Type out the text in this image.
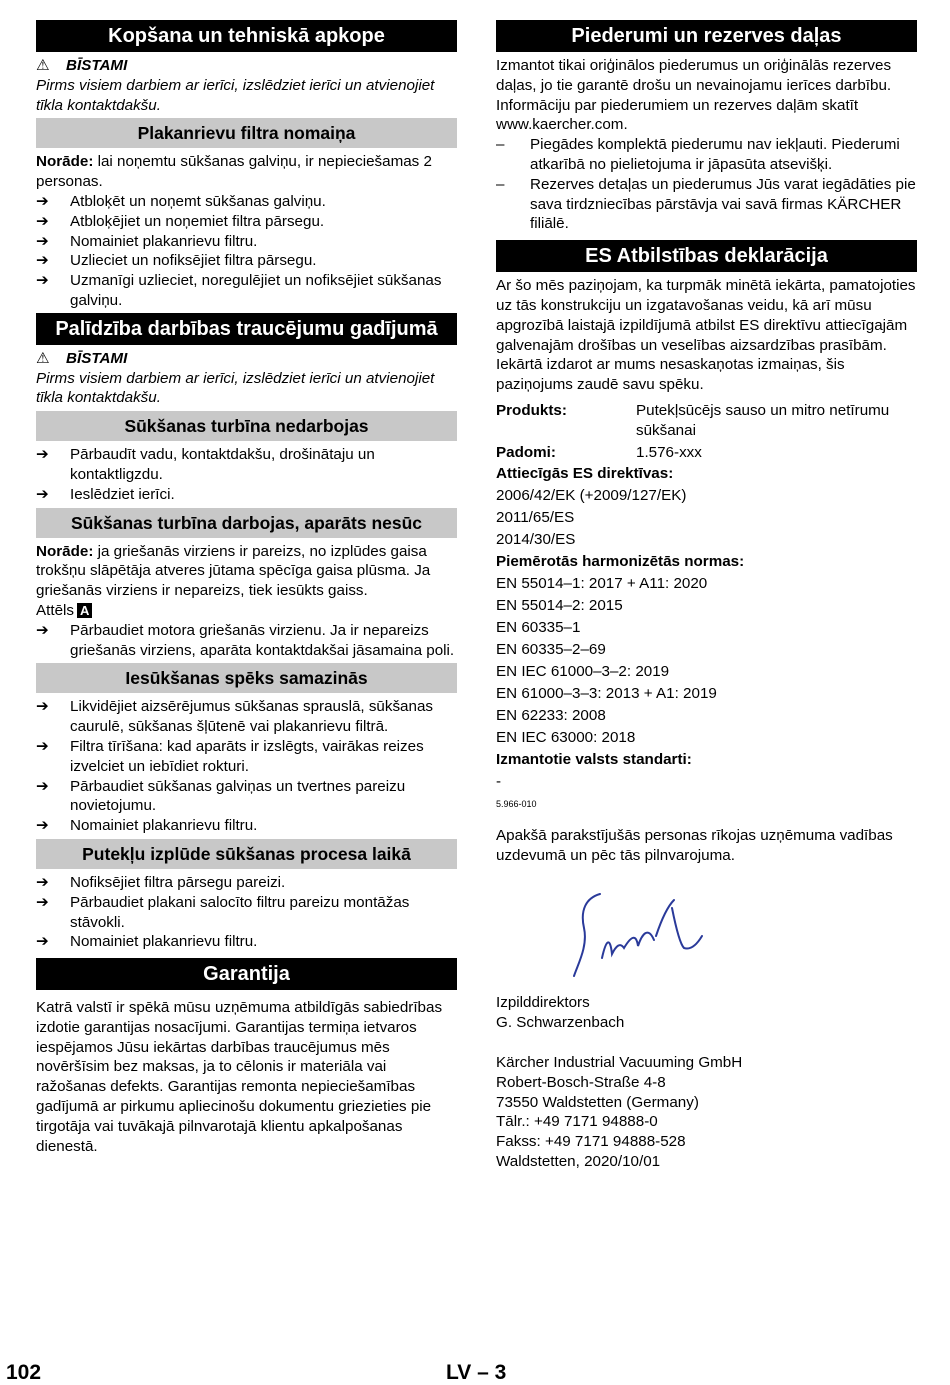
Kopšana un tehniskā apkope
⚠ BĪSTAMI
Pirms visiem darbiem ar ierīci, izslēdziet ierīci un atvienojiet tīkla kontaktdakšu.
Plakanrievu filtra nomaiņa
Norāde: lai noņemtu sūkšanas galviņu, ir nepieciešamas 2 personas.
➔ Atbloķēt un noņemt sūkšanas galviņu.
➔ Atbloķējiet un noņemiet filtra pārsegu.
➔ Nomainiet plakanrievu filtru.
➔ Uzlieciet un nofiksējiet filtra pārsegu.
➔ Uzmanīgi uzlieciet, noregulējiet un nofiksējiet sūkšanas galviņu.
Palīdzība darbības traucējumu gadījumā
⚠ BĪSTAMI
Pirms visiem darbiem ar ierīci, izslēdziet ierīci un atvienojiet tīkla kontaktdakšu.
Sūkšanas turbīna nedarbojas
➔ Pārbaudīt vadu, kontaktdakšu, drošinātaju un kontaktligzdu.
➔ Ieslēdziet ierīci.
Sūkšanas turbīna darbojas, aparāts nesūc
Norāde: ja griešanās virziens ir pareizs, no izplūdes gaisa trokšņu slāpētāja atveres jūtama spēcīga gaisa plūsma. Ja griešanās virziens ir nepareizs, tiek iesūkts gaiss.
Attēls A
➔ Pārbaudiet motora griešanās virzienu. Ja ir nepareizs griešanās virziens, aparāta kontaktdakšai jāsamaina poli.
Iesūkšanas spēks samazinās
➔ Likvidējiet aizsērējumus sūkšanas sprauslā, sūkšanas caurulē, sūkšanas šļūtenē vai plakanrievu filtrā.
➔ Filtra tīrīšana: kad aparāts ir izslēgts, vairākas reizes izvelciet un iebīdiet rokturi.
➔ Pārbaudiet sūkšanas galviņas un tvertnes pareizu novietojumu.
➔ Nomainiet plakanrievu filtru.
Putekļu izplūde sūkšanas procesa laikā
➔ Nofiksējiet filtra pārsegu pareizi.
➔ Pārbaudiet plakani salocīto filtru pareizu montāžas stāvokli.
➔ Nomainiet plakanrievu filtru.
Garantija
Katrā valstī ir spēkā mūsu uzņēmuma atbildīgās sabiedrības izdotie garantijas nosacījumi. Garantijas termiņa ietvaros iespējamos Jūsu iekārtas darbības traucējumus mēs novēršīsim bez maksas, ja to cēlonis ir materiāla vai ražošanas defekts. Garantijas remonta nepieciešamības gadījumā ar pirkumu apliecinošu dokumentu griezieties pie tirgotāja vai tuvākajā pilnvarotajā klientu apkalpošanas dienestā.
Piederumi un rezerves daļas
Izmantot tikai oriģinālos piederumus un oriģinālās rezerves daļas, jo tie garantē drošu un nevainojamu ierīces darbību.
Informāciju par piederumiem un rezerves daļām skatīt www.kaercher.com.
– Piegādes komplektā piederumu nav iekļauti. Piederumi atkarībā no pielietojuma ir jāpasūta atsevišķi.
– Rezerves detaļas un piederumus Jūs varat iegādāties pie sava tirdzniecības pārstāvja vai savā firmas KÄRCHER filiālē.
ES Atbilstības deklarācija
Ar šo mēs paziņojam, ka turpmāk minētā iekārta, pamatojoties uz tās konstrukciju un izgatavošanas veidu, kā arī mūsu apgrozībā laistajā izpildījumā atbilst ES direktīvu attiecīgajām galvenajām drošības un veselības aizsardzības prasībām. Iekārtā izdarot ar mums nesaskaņotas izmaiņas, šis paziņojums zaudē savu spēku.
Produkts:	Putekļsūcējs sauso un mitro netīrumu sūkšanai
Padomi:	1.576-xxx
Attiecīgās ES direktīvas:
2006/42/EK (+2009/127/EK)
2011/65/ES
2014/30/ES
Piemērotās harmonizētās normas:
EN 55014–1: 2017 + A11: 2020
EN 55014–2: 2015
EN 60335–1
EN 60335–2–69
EN IEC 61000–3–2: 2019
EN 61000–3–3: 2013 + A1: 2019
EN 62233: 2008
EN IEC 63000: 2018
Izmantotie valsts standarti:
-
5.966-010
Apakšā parakstījušās personas rīkojas uzņēmuma vadības uzdevumā un pēc tās pilnvarojuma.
Izpilddirektors
G. Schwarzenbach
Kärcher Industrial Vacuuming GmbH
Robert-Bosch-Straße 4-8
73550 Waldstetten (Germany)
Tālr.: +49 7171 94888-0
Fakss: +49 7171 94888-528
Waldstetten, 2020/10/01
102	LV – 3
